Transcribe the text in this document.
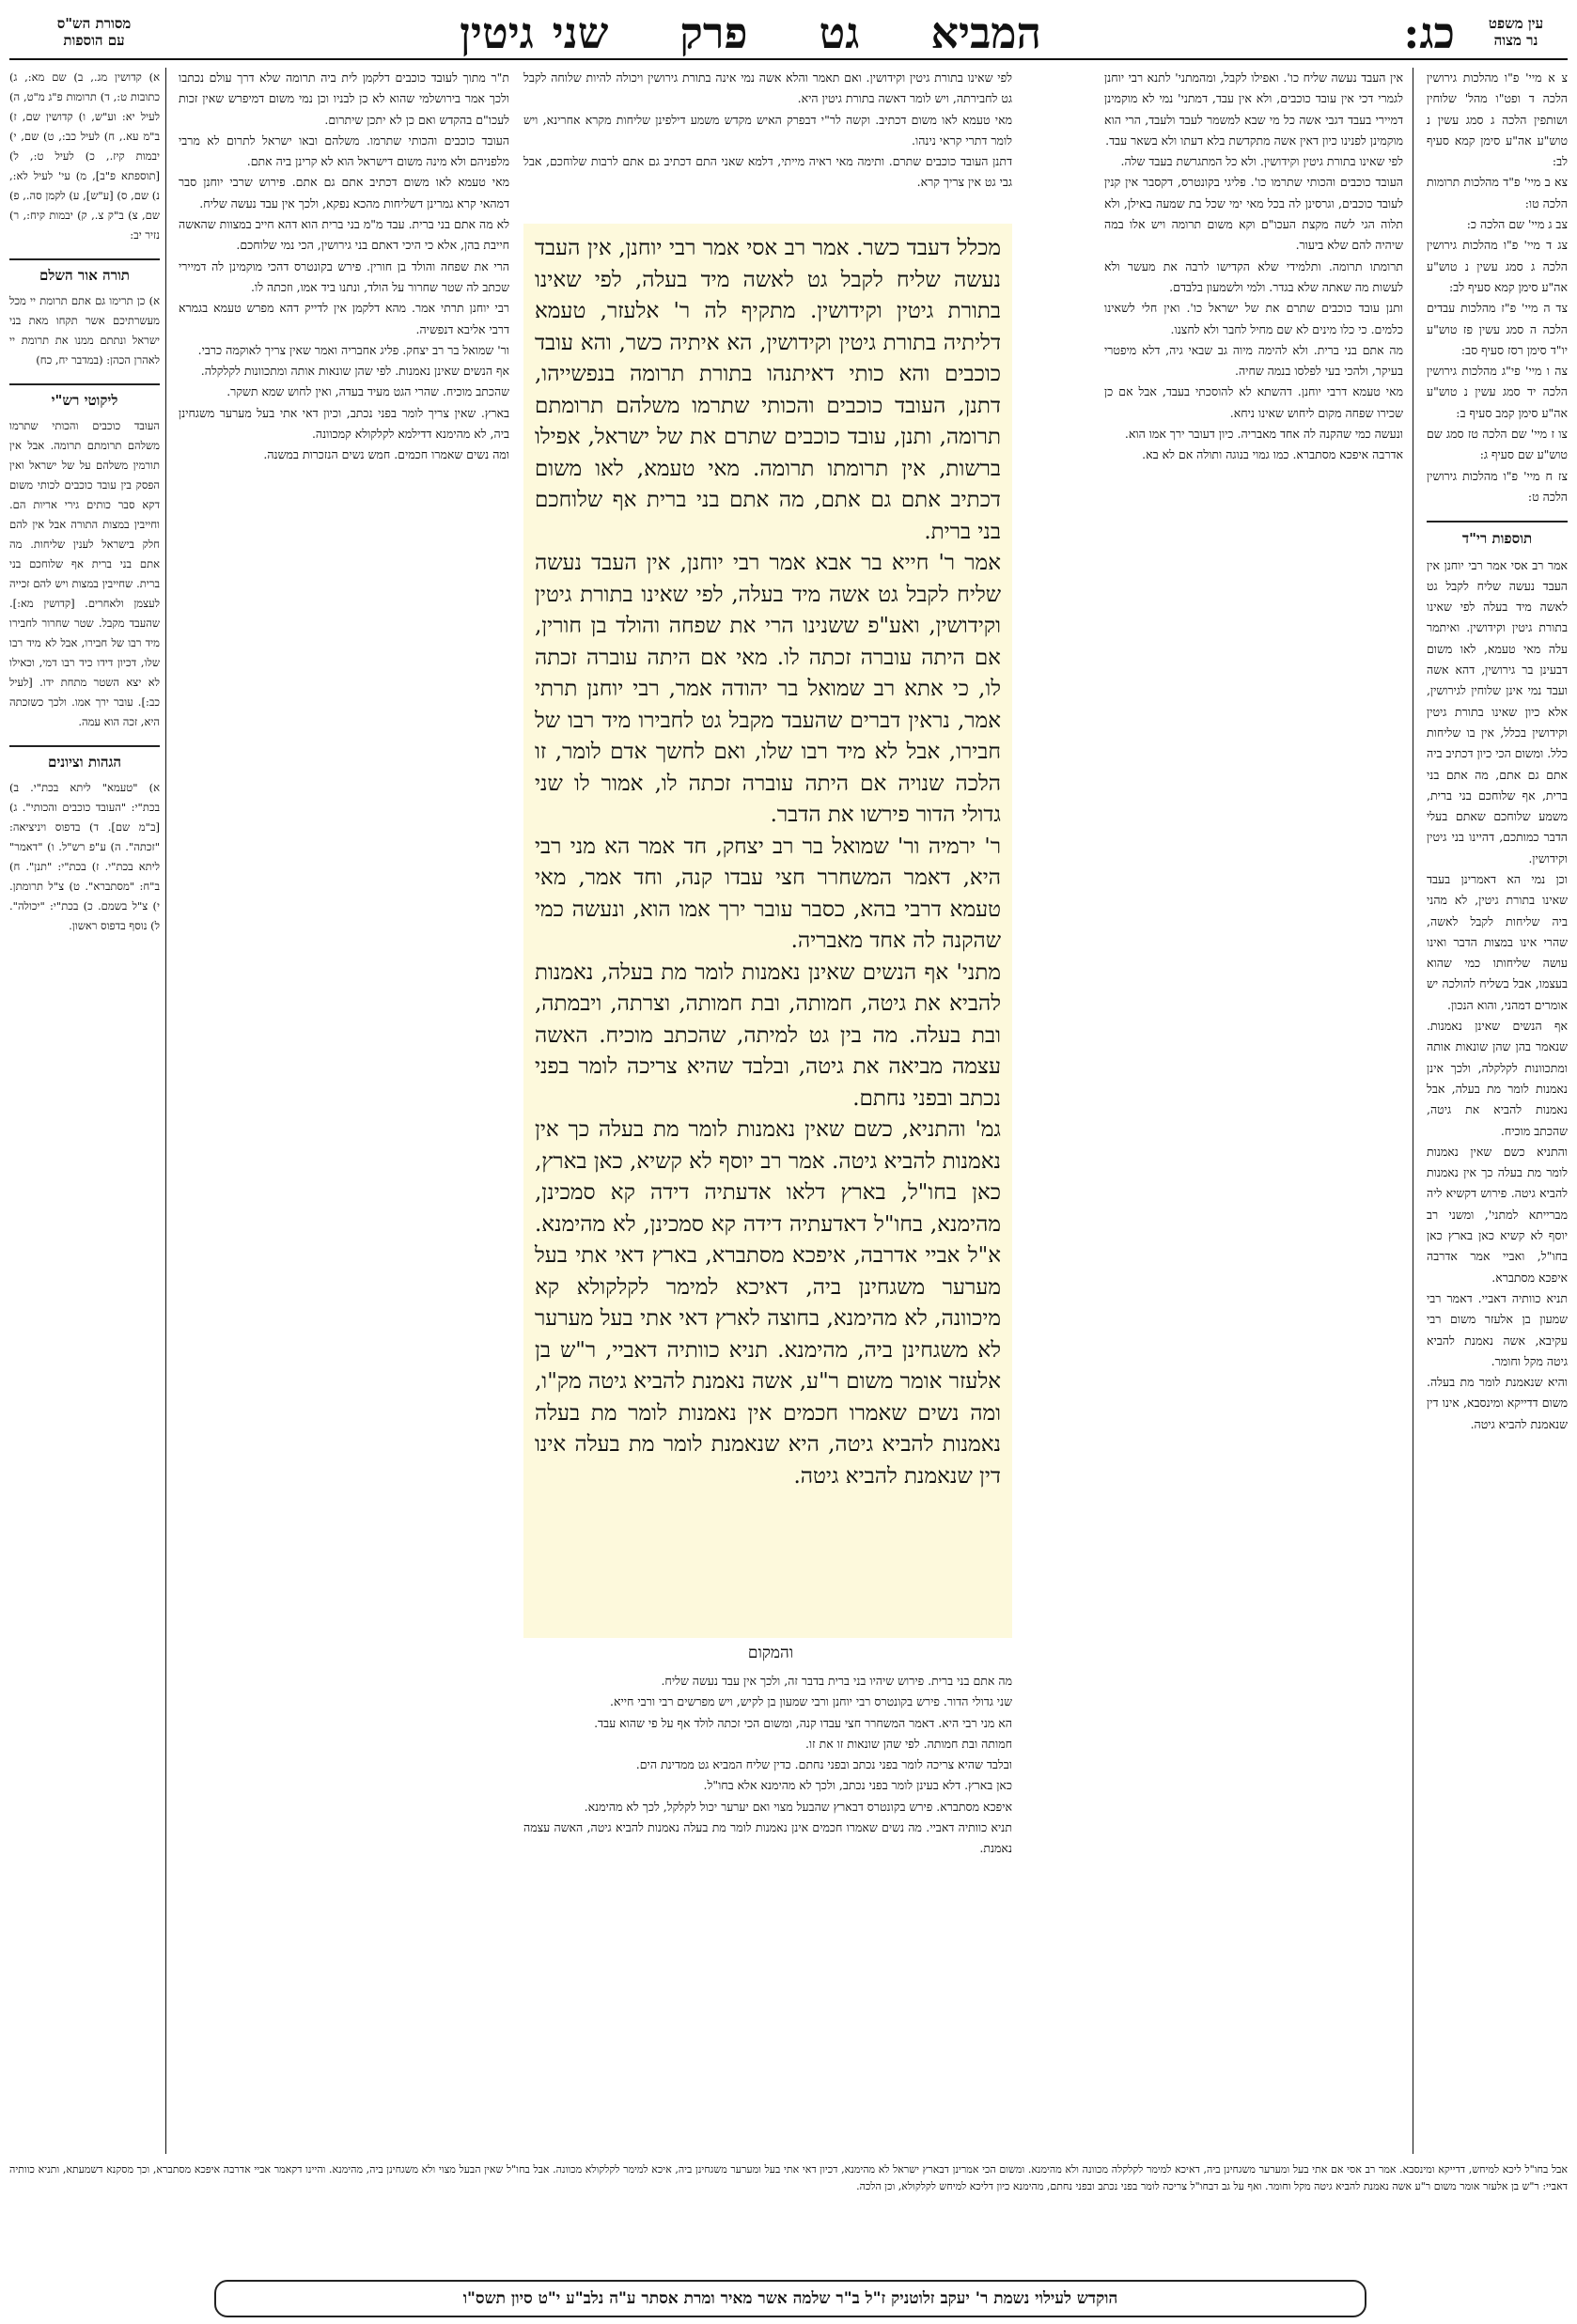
עין משפט
נר מצוה
כג:
המביא גט פרק שני
גיטין
מסורת הש"ס
עם הוספות

צ א מיי' פ"ו מהלכות גירושין הלכה ד ופט"ו מהל' שלוחין ושותפין הלכה ג סמג עשין נ טוש"ע אה"ע סימן קמא סעיף לב:

צא ב מיי' פ"ד מהלכות תרומות הלכה טו:

צב ג מיי' שם הלכה כ:

צג ד מיי' פ"ו מהלכות גירושין הלכה ג סמג עשין נ טוש"ע אה"ע סימן קמא סעיף לב:

צד ה מיי' פ"ז מהלכות עבדים הלכה ה סמג עשין פז טוש"ע יו"ד סימן רסז סעיף סב:

צה ו מיי' פי"ג מהלכות גירושין הלכה יד סמג עשין נ טוש"ע אה"ע סימן קמב סעיף ב:

צו ז מיי' שם הלכה טז סמג שם טוש"ע שם סעיף ג:

צז ח מיי' פ"ו מהלכות גירושין הלכה ט:

תוספות רי"ד

אמר רב אסי אמר רבי יוחנן אין העבד נעשה שליח לקבל גט לאשה מיד בעלה לפי שאינו בתורת גיטין וקידושין. ואיתמר עלה מאי טעמא, לאו משום דבעינן בר גירושין, דהא אשה ועבד נמי אינן שלוחין לגירושין, אלא כיון שאינו בתורת גיטין וקידושין בכלל, אין בו שליחות כלל. ומשום הכי כיון דכתיב ביה אתם גם אתם, מה אתם בני ברית, אף שלוחכם בני ברית, משמע שלוחכם שאתם בעלי הדבר כמותכם, דהיינו בני גיטין וקידושין.

וכן נמי הא דאמרינן בעבד שאינו בתורת גיטין, לא מהני ביה שליחות לקבל לאשה, שהרי אינו במצות הדבר ואינו עושה שליחותו כמי שהוא בעצמו, אבל בשליח להולכה יש אומרים דמהני, והוא הנכון.

אף הנשים שאינן נאמנות. שנאמר בהן שהן שונאות אותה ומתכוונות לקלקלה, ולכך אינן נאמנות לומר מת בעלה, אבל נאמנות להביא את גיטה, שהכתב מוכיח.

והתניא כשם שאין נאמנות לומר מת בעלה כך אין נאמנות להביא גיטה. פירוש דקשיא ליה מברייתא למתני', ומשני רב יוסף לא קשיא כאן בארץ כאן בחו"ל, ואביי אמר אדרבה איפכא מסתברא.

תניא כוותיה דאביי. דאמר רבי שמעון בן אלעזר משום רבי עקיבא, אשה נאמנת להביא גיטה מקל וחומר.

והיא שנאמנת לומר מת בעלה. משום דדייקא ומינסבא, אינו דין שנאמנת להביא גיטה.

אין העבד נעשה שליח כו'. ואפילו לקבל, ומהמתני' לתנא רבי יוחנן לגמרי דכי אין עובד כוכבים, ולא אין עבד, דמתני' נמי לא מוקמינן דמיירי בעבד דגבי אשה כל מי שבא למשמר לעבד ולעבד, הרי הוא מוקמינן לפנינו כיון דאין אשה מתקדשת בלא דעתו ולא בשאר עבד.

לפי שאינו בתורת גיטין וקידושין. ולא כל המתגרשת בעבד שלה.

העובד כוכבים והכותי שתרמו כו'. פליגי בקונטרס, דקסבר אין קנין לעובד כוכבים, וגרסינן לה בכל מאי ימי שכל בת שמעה באילן, ולא תלוה הגי לשה מקצת העכו"ם וקא משום תרומה ויש אלו במה שיהיה להם שלא ביעור.

תרומתו תרומה. ותלמידי שלא הקדישו לרבה את מעשר ולא לעשות מה שאתה שלא בגדר. ולמי ולשמעון בלבדם.

ותנן עובד כוכבים שתרם את של ישראל כו'. ואין חלי לשאינו כלמים. כי כלו מינים לא שם מחיל לחבר ולא לחצנו.

מה אתם בני ברית. ולא להימה מיוה גב שבאי גיה, דלא מיפטרי בעיקר, ולהכי בעי לפלסו בנמה שחיה.

מאי טעמא דרבי יוחנן. דהשתא לא להוסכתי בעבד, אבל אם כן שכירו שפחה מקום ליחוש שאינו ניחא.

ונעשה כמי שהקנה לה אחד מאבריה. כיון דעובר ירך אמו הוא.

אדרבה איפכא מסתברא. כמו גמוי בנוגה ותולה אם לא בא.

מכלל דעבד כשר. אמר רב אסי אמר רבי יוחנן, אין העבד נעשה שליח לקבל גט לאשה מיד בעלה, לפי שאינו בתורת גיטין וקידושין. מתקיף לה ר' אלעזר, טעמא דליתיה בתורת גיטין וקידושין, הא איתיה כשר, והא עובד כוכבים והא כותי דאיתנהו בתורת תרומה בנפשייהו, דתנן, העובד כוכבים והכותי שתרמו משלהם תרומתם תרומה, ותנן, עובד כוכבים שתרם את של ישראל, אפילו ברשות, אין תרומתו תרומה. מאי טעמא, לאו משום דכתיב אתם גם אתם, מה אתם בני ברית אף שלוחכם בני ברית.

אמר ר' חייא בר אבא אמר רבי יוחנן, אין העבד נעשה שליח לקבל גט אשה מיד בעלה, לפי שאינו בתורת גיטין וקידושין, ואע"פ ששנינו הרי את שפחה והולד בן חורין, אם היתה עוברה זכתה לו. מאי אם היתה עוברה זכתה לו, כי אתא רב שמואל בר יהודה אמר, רבי יוחנן תרתי אמר, נראין דברים שהעבד מקבל גט לחבירו מיד רבו של חבירו, אבל לא מיד רבו שלו, ואם לחשך אדם לומר, זו הלכה שנויה אם היתה עוברה זכתה לו, אמור לו שני גדולי הדור פירשו את הדבר.

ר' ירמיה ור' שמואל בר רב יצחק, חד אמר הא מני רבי היא, דאמר המשחרר חצי עבדו קנה, וחד אמר, מאי טעמא דרבי בהא, כסבר עובר ירך אמו הוא, ונעשה כמי שהקנה לה אחד מאבריה.

מתני' אף הנשים שאינן נאמנות לומר מת בעלה, נאמנות להביא את גיטה, חמותה, ובת חמותה, וצרתה, ויבמתה, ובת בעלה. מה בין גט למיתה, שהכתב מוכיח. האשה עצמה מביאה את גיטה, ובלבד שהיא צריכה לומר בפני נכתב ובפני נחתם.

גמ' והתניא, כשם שאין נאמנות לומר מת בעלה כך אין נאמנות להביא גיטה. אמר רב יוסף לא קשיא, כאן בארץ, כאן בחו"ל, בארץ דלאו אדעתיה דידה קא סמכינן, מהימנא, בחו"ל דאדעתיה דידה קא סמכינן, לא מהימנא. א"ל אביי אדרבה, איפכא מסתברא, בארץ דאי אתי בעל מערער משגחינן ביה, דאיכא למימר לקלקולא קא מיכוונה, לא מהימנא, בחוצה לארץ דאי אתי בעל מערער לא משגחינן ביה, מהימנא. תניא כוותיה דאביי, ר"ש בן אלעזר אומר משום ר"ע, אשה נאמנת להביא גיטה מק"ו, ומה נשים שאמרו חכמים אין נאמנות לומר מת בעלה נאמנות להביא גיטה, היא שנאמנת לומר מת בעלה אינו דין שנאמנת להביא גיטה.

והמקום

לפי שאינו בתורת גיטין וקידושין. ואם תאמר והלא אשה נמי אינה בתורת גירושין ויכולה להיות שלוחה לקבל גט לחבירתה, ויש לומר דאשה בתורת גיטין היא.

מאי טעמא לאו משום דכתיב. וקשה לר"י דבפרק האיש מקדש משמע דילפינן שליחות מקרא אחרינא, ויש לומר דתרי קראי נינהו.

דתנן העובד כוכבים שתרם. ותימה מאי ראיה מייתי, דלמא שאני התם דכתיב גם אתם לרבות שלוחכם, אבל גבי גט אין צריך קרא.

מה אתם בני ברית. פירוש שיהיו בני ברית בדבר זה, ולכך אין עבד נעשה שליח.

שני גדולי הדור. פירש בקונטרס רבי יוחנן ורבי שמעון בן לקיש, ויש מפרשים רבי ורבי חייא.

הא מני רבי היא. דאמר המשחרר חצי עבדו קנה, ומשום הכי זכתה לולד אף על פי שהוא עבד.

חמותה ובת חמותה. לפי שהן שונאות זו את זו.

ובלבד שהיא צריכה לומר בפני נכתב ובפני נחתם. כדין שליח המביא גט ממדינת הים.

כאן בארץ. דלא בעינן לומר בפני נכתב, ולכך לא מהימנא אלא בחו"ל.

איפכא מסתברא. פירש בקונטרס דבארץ שהבעל מצוי ואם יערער יכול לקלקל, לכך לא מהימנא.

תניא כוותיה דאביי. מה נשים שאמרו חכמים אינן נאמנות לומר מת בעלה נאמנות להביא גיטה, האשה עצמה נאמנת.

ת"ר מתוך לעובד כוכבים דלקמן לית ביה תרומה שלא דרך עולם נכתבו ולכך אמר בירושלמי שהוא לא כן לבניו וכן נמי משום דמיפרש שאין זכות לעכו"ם בהקדש ואם כן לא יתכן שיתרום.

העובד כוכבים והכותי שתרמו. משלהם ובאו ישראל לתרום לא מרבי מלפניהם ולא מינה משום דישראל הוא לא קרינן ביה אתם.

מאי טעמא לאו משום דכתיב אתם גם אתם. פירוש שרבי יוחנן סבר דמהאי קרא גמרינן דשליחות מהכא נפקא, ולכך אין עבד נעשה שליח.

לא מה אתם בני ברית. עבד מ"מ בני ברית הוא דהא חייב במצוות שהאשה חייבת בהן, אלא כי היכי דאתם בני גירושין, הכי נמי שלוחכם.

הרי את שפחה והולד בן חורין. פירש בקונטרס דהכי מוקמינן לה דמיירי שכתב לה שטר שחרור על הולד, ונתנו ביד אמו, וזכתה לו.

רבי יוחנן תרתי אמר. מהא דלקמן אין לדייק דהא מפרש טעמא בגמרא דרבי אליבא דנפשיה.

ור' שמואל בר רב יצחק. פליג אחבריה ואמר שאין צריך לאוקמה כרבי.

אף הנשים שאינן נאמנות. לפי שהן שונאות אותה ומתכוונות לקלקלה.

שהכתב מוכיח. שהרי הגט מעיד בעדה, ואין לחוש שמא תשקר.

בארץ. שאין צריך לומר בפני נכתב, וכיון דאי אתי בעל מערער משגחינן ביה, לא מהימנא דדילמא לקלקולא קמכוונה.

ומה נשים שאמרו חכמים. חמש נשים הנזכרות במשנה.

א) קדושין מג., ב) שם מא:, ג) כתובות ט:, ד) תרומות פ"ג מ"ט, ה) לעיל יא: וע"ש, ו) קדושין שם, ז) ב"מ עא., ח) לעיל כב:, ט) שם, י) יבמות קיז., כ) לעיל ט:, ל) [תוספתא פ"ב], מ) עי' לעיל לא:, נ) שם, ס) [ע"ש], ע) לקמן סה., פ) שם, צ) ב"ק צ., ק) יבמות קיח:, ר) נזיר יב:

תורה אור השלם

א) כן תרימו גם אתם תרומת יי מכל מעשרתיכם אשר תקחו מאת בני ישראל ונתתם ממנו את תרומת יי לאהרן הכהן: (במדבר יח, כח)

ליקוטי רש"י

העובד כוכבים והכותי שתרמו משלהם תרומתם תרומה. אבל אין תורמין משלהם על של ישראל ואין הפסק בין עובד כוכבים לכותי משום דקא סבר כותים גירי אריות הם. וחייבין במצות התורה אבל אין להם חלק בישראל לענין שליחות. מה אתם בני ברית אף שלוחכם בני ברית. שחייבין במצות ויש להם זכייה לעצמן ולאחרים. [קדושין מא:]. שהעבד מקבל. שטר שחרור לחבירו מיד רבו של חבירו, אבל לא מיד רבו שלו, דכיון דידו כיד רבו דמי, וכאילו לא יצא השטר מתחת ידו. [לעיל כב:]. עובר ירך אמו. ולכך כשזכתה היא, זכה הוא עמה.

הגהות וציונים

א) "טעמא" ליתא בכת"י. ב) בכת"י: "העובד כוכבים והכותי". ג) [ב"מ שם]. ד) בדפוס ויניציאה: "זכתה". ה) ע"פ רש"ל. ו) "דאמר" ליתא בכת"י. ז) בכת"י: "תנן". ח) ב"ח: "מסתברא". ט) צ"ל תרומתן. י) צ"ל בשמם. כ) בכת"י: "יכולה". ל) נוסף בדפוס ראשון.

אבל בחו"ל ליכא למיחש, דדייקא ומינסבא. אמר רב אסי אם אתי בעל ומערער משגחינן ביה, דאיכא למימר לקלקלה מכוונה ולא מהימנא. ומשום הכי אמרינן דבארץ ישראל לא מהימנא, דכיון דאי אתי בעל ומערער משגחינן ביה, איכא למימר לקלקולא מכוונה. אבל בחו"ל שאין הבעל מצוי ולא משגחינן ביה, מהימנא. והיינו דקאמר אביי אדרבה איפכא מסתברא, וכך מסקנא דשמעתא, ותניא כוותיה דאביי: ר"ש בן אלעזר אומר משום ר"ע אשה נאמנת להביא גיטה מקל וחומר. ואף על גב דבחו"ל צריכה לומר בפני נכתב ובפני נחתם, מהימנא כיון דליכא למיחש לקלקולא, וכן הלכה.
הוקדש לעילוי נשמת ר' יעקב זלוטניק ז"ל ב"ר שלמה אשר מאיר ומרת אסתר ע"ה נלב"ע י"ט סיון תשס"ו
